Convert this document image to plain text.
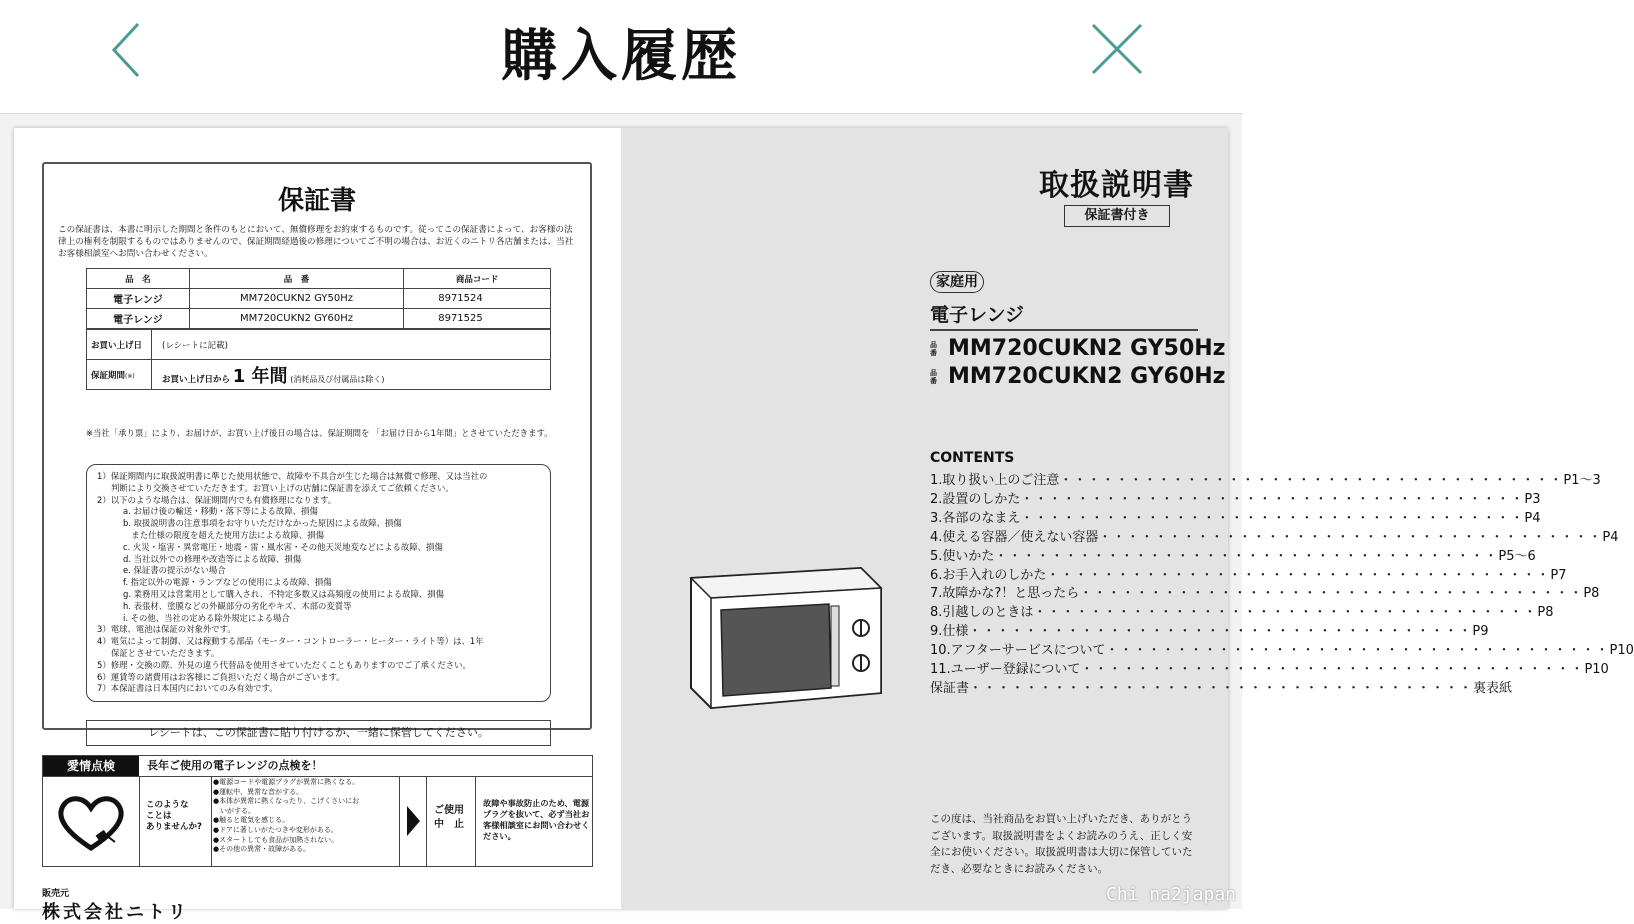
購入履歴
保証書
この保証書は、本書に明示した期間と条件のもとにおいて、無償修理をお約束するものです。従ってこの保証書によって、お客様の法律上の権利を制限するものではありませんので、保証期間経過後の修理についてご不明の場合は、お近くのニトリ各店舗または、当社お客様相談室へお問い合わせください。
品　名	品　番	商品コード
電子レンジ	MM720CUKN2 GY50Hz	8971524
電子レンジ	MM720CUKN2 GY60Hz	8971525
お買い上げ日	(レシートに記載)
保証期間(※)	お買い上げ日から 1 年間 (消耗品及び付属品は除く)
※当社「承り票」により、お届けが、お買い上げ後日の場合は、保証期間を 「お届け日から1年間」とさせていただきます。
1）保証期間内に取扱説明書に準じた使用状態で、故障や不具合が生じた場合は無償で修理、又は当社の
判断により交換させていただきます。お買い上げの店舗に保証書を添えてご依頼ください。
2）以下のような場合は、保証期間内でも有償修理になります。
a. お届け後の輸送・移動・落下等による故障、損傷
b. 取扱説明書の注意事項をお守りいただけなかった原因による故障、損傷
　また仕様の限度を超えた使用方法による故障、損傷
c. 火災・塩害・異常電圧・地震・雷・風水害・その他天災地変などによる故障、損傷
d. 当社以外での修理や改造等による故障、損傷
e. 保証書の提示がない場合
f. 指定以外の電源・ランプなどの使用による故障、損傷
g. 業務用又は営業用として購入され、不特定多数又は高頻度の使用による故障、損傷
h. 表張材、塗膜などの外観部分の劣化やキズ、木部の変質等
i. その他、当社の定める除外規定による場合
3）電球、電池は保証の対象外です。
4）電気によって制御、又は稼動する部品（モーター・コントローラー・ヒーター・ライト等）は、1年
保証とさせていただきます。
5）修理・交換の際、外見の違う代替品を使用させていただくこともありますのでご了承ください。
6）運賃等の諸費用はお客様にご負担いただく場合がございます。
7）本保証書は日本国内においてのみ有効です。
レシートは、この保証書に貼り付けるか、一緒に保管してください。
愛情点検	長年ご使用の電子レンジの点検を！
このような
ことは
ありませんか?
●電源コードや電源プラグが異常に熱くなる。
●運転中、異常な音がする。
●本体が異常に熱くなったり、こげくさいにお
　いがする。
●触ると電気を感じる。
●ドアに著しいがたつきや変形がある。
●スタートしても食品が加熱されない。
●その他の異常・故障がある。
ご使用
中　止
故障や事故防止のため、電源プラグを抜いて、必ず当社お客様相談室にお問い合わせください。
販売元
株式会社ニトリ
取扱説明書
保証書付き
家庭用
電子レンジ
品番 MM720CUKN2 GY50Hz
品番 MM720CUKN2 GY60Hz
CONTENTS
1.取り扱い上のご注意 ・・・・・・・・・・・・・・・・・・・・・・・・・・・・・・・・・・・・ P1～3
2.設置のしかた ・・・・・・・・・・・・・・・・・・・・・・・・・・・・・・・・・・・・ P3
3.各部のなまえ ・・・・・・・・・・・・・・・・・・・・・・・・・・・・・・・・・・・・ P4
4.使える容器／使えない容器 ・・・・・・・・・・・・・・・・・・・・・・・・・・・・・・・・・・・・ P4
5.使いかた ・・・・・・・・・・・・・・・・・・・・・・・・・・・・・・・・・・・・ P5～6
6.お手入れのしかた ・・・・・・・・・・・・・・・・・・・・・・・・・・・・・・・・・・・・ P7
7.故障かな?！と思ったら ・・・・・・・・・・・・・・・・・・・・・・・・・・・・・・・・・・・・ P8
8.引越しのときは ・・・・・・・・・・・・・・・・・・・・・・・・・・・・・・・・・・・・ P8
9.仕様 ・・・・・・・・・・・・・・・・・・・・・・・・・・・・・・・・・・・・ P9
10.アフターサービスについて ・・・・・・・・・・・・・・・・・・・・・・・・・・・・・・・・・・・・ P10
11.ユーザー登録について ・・・・・・・・・・・・・・・・・・・・・・・・・・・・・・・・・・・・ P10
保証書 ・・・・・・・・・・・・・・・・・・・・・・・・・・・・・・・・・・・・ 裏表紙
この度は、当社商品をお買い上げいただき、ありがとうございます。取扱説明書をよくお読みのうえ、正しく安全にお使いください。取扱説明書は大切に保管していただき、必要なときにお読みください。
Chi na2japan
